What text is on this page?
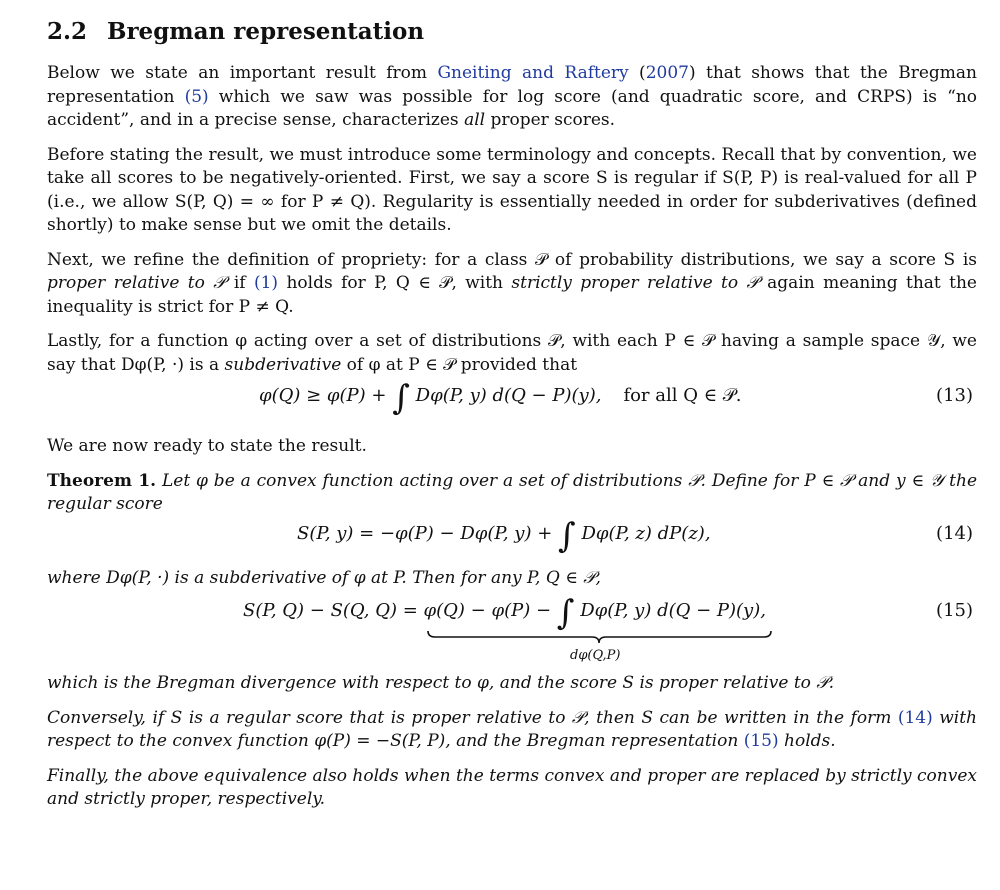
2.2 Bregman representation

Below we state an important result from Gneiting and Raftery (2007) that shows that the Bregman representation (5) which we saw was possible for log score (and quadratic score, and CRPS) is “no accident”, and in a precise sense, characterizes all proper scores.

Before stating the result, we must introduce some terminology and concepts. Recall that by convention, we take all scores to be negatively-oriented. First, we say a score S is regular if S(P, P) is real-valued for all P (i.e., we allow S(P, Q) = ∞ for P ≠ Q). Regularity is essentially needed in order for subderivatives (defined shortly) to make sense but we omit the details.

Next, we refine the definition of propriety: for a class 𝒫 of probability distributions, we say a score S is proper relative to 𝒫 if (1) holds for P, Q ∈ 𝒫, with strictly proper relative to 𝒫 again meaning that the inequality is strict for P ≠ Q.

Lastly, for a function φ acting over a set of distributions 𝒫, with each P ∈ 𝒫 having a sample space 𝒴, we say that Dφ(P, ·) is a subderivative of φ at P ∈ 𝒫 provided that

φ(Q) ≥ φ(P) + ∫ Dφ(P, y) d(Q − P)(y), for all Q ∈ 𝒫.	(13)

We are now ready to state the result.

Theorem 1. Let φ be a convex function acting over a set of distributions 𝒫. Define for P ∈ 𝒫 and y ∈ 𝒴 the regular score

S(P, y) = −φ(P) − Dφ(P, y) + ∫ Dφ(P, z) dP(z),	(14)

where Dφ(P, ·) is a subderivative of φ at P. Then for any P, Q ∈ 𝒫,

S(P, Q) − S(Q, Q) = φ(Q) − φ(P) − ∫ Dφ(P, y) d(Q − P)(y),
dφ(Q,P)
(15)

which is the Bregman divergence with respect to φ, and the score S is proper relative to 𝒫.

Conversely, if S is a regular score that is proper relative to 𝒫, then S can be written in the form (14) with respect to the convex function φ(P) = −S(P, P), and the Bregman representation (15) holds.

Finally, the above equivalence also holds when the terms convex and proper are replaced by strictly convex and strictly proper, respectively.
